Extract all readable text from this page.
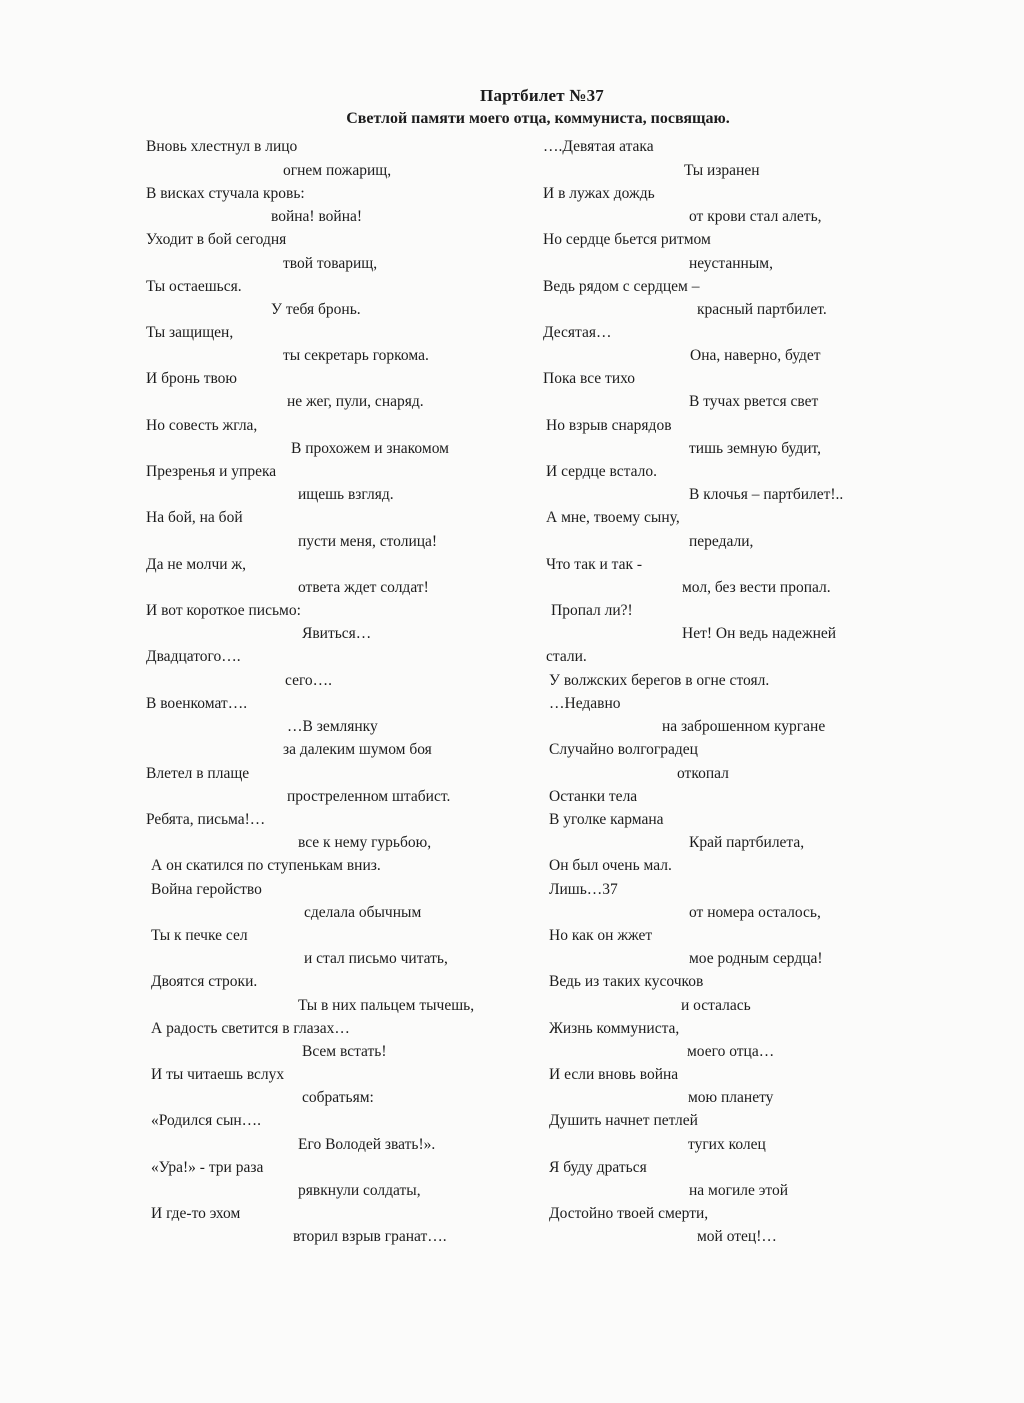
Партбилет №37
Светлой памяти моего отца, коммуниста, посвящаю.
Вновь хлестнул в лицо
огнем пожарищ,
В висках стучала кровь:
война! война!
Уходит в бой сегодня
твой товарищ,
Ты остаешься.
У тебя бронь.
Ты защищен,
ты секретарь горкома.
И бронь твою
не жег, пули, снаряд.
Но совесть жгла,
В прохожем и знакомом
Презренья и упрека
ищешь взгляд.
На бой, на бой
пусти меня, столица!
Да не молчи ж,
ответа ждет солдат!
И вот короткое письмо:
Явиться…
Двадцатого….
сего….
В военкомат….
…В землянку
за далеким шумом боя
Влетел в плаще
простреленном штабист.
Ребята, письма!…
все к нему гурьбою,
А он скатился по ступенькам вниз.
Война геройство
сделала обычным
Ты к печке сел
и стал письмо читать,
Двоятся строки.
Ты в них пальцем тычешь,
А радость светится в глазах…
Всем встать!
И ты читаешь вслух
собратьям:
«Родился сын….
Его Володей звать!».
«Ура!» - три раза
рявкнули солдаты,
И где-то эхом
вторил взрыв гранат….
….Девятая атака
Ты изранен
И в лужах дождь
от крови стал алеть,
Но сердце бьется ритмом
неустанным,
Ведь рядом с сердцем –
красный партбилет.
Десятая…
Она, наверно, будет
Пока все тихо
В тучах рвется свет
Но взрыв снарядов
тишь земную будит,
И сердце встало.
В клочья – партбилет!..
А мне, твоему сыну,
передали,
Что так и так -
мол, без вести пропал.
Пропал ли?!
Нет! Он ведь надежней
стали.
У волжских берегов в огне стоял.
…Недавно
на заброшенном кургане
Случайно волгоградец
откопал
Останки тела
В уголке кармана
Край партбилета,
Он был очень мал.
Лишь…37
от номера осталось,
Но как он жжет
мое родным сердца!
Ведь из таких кусочков
и осталась
Жизнь коммуниста,
моего отца…
И если вновь война
мою планету
Душить начнет петлей
тугих колец
Я буду драться
на могиле этой
Достойно твоей смерти,
мой отец!…
